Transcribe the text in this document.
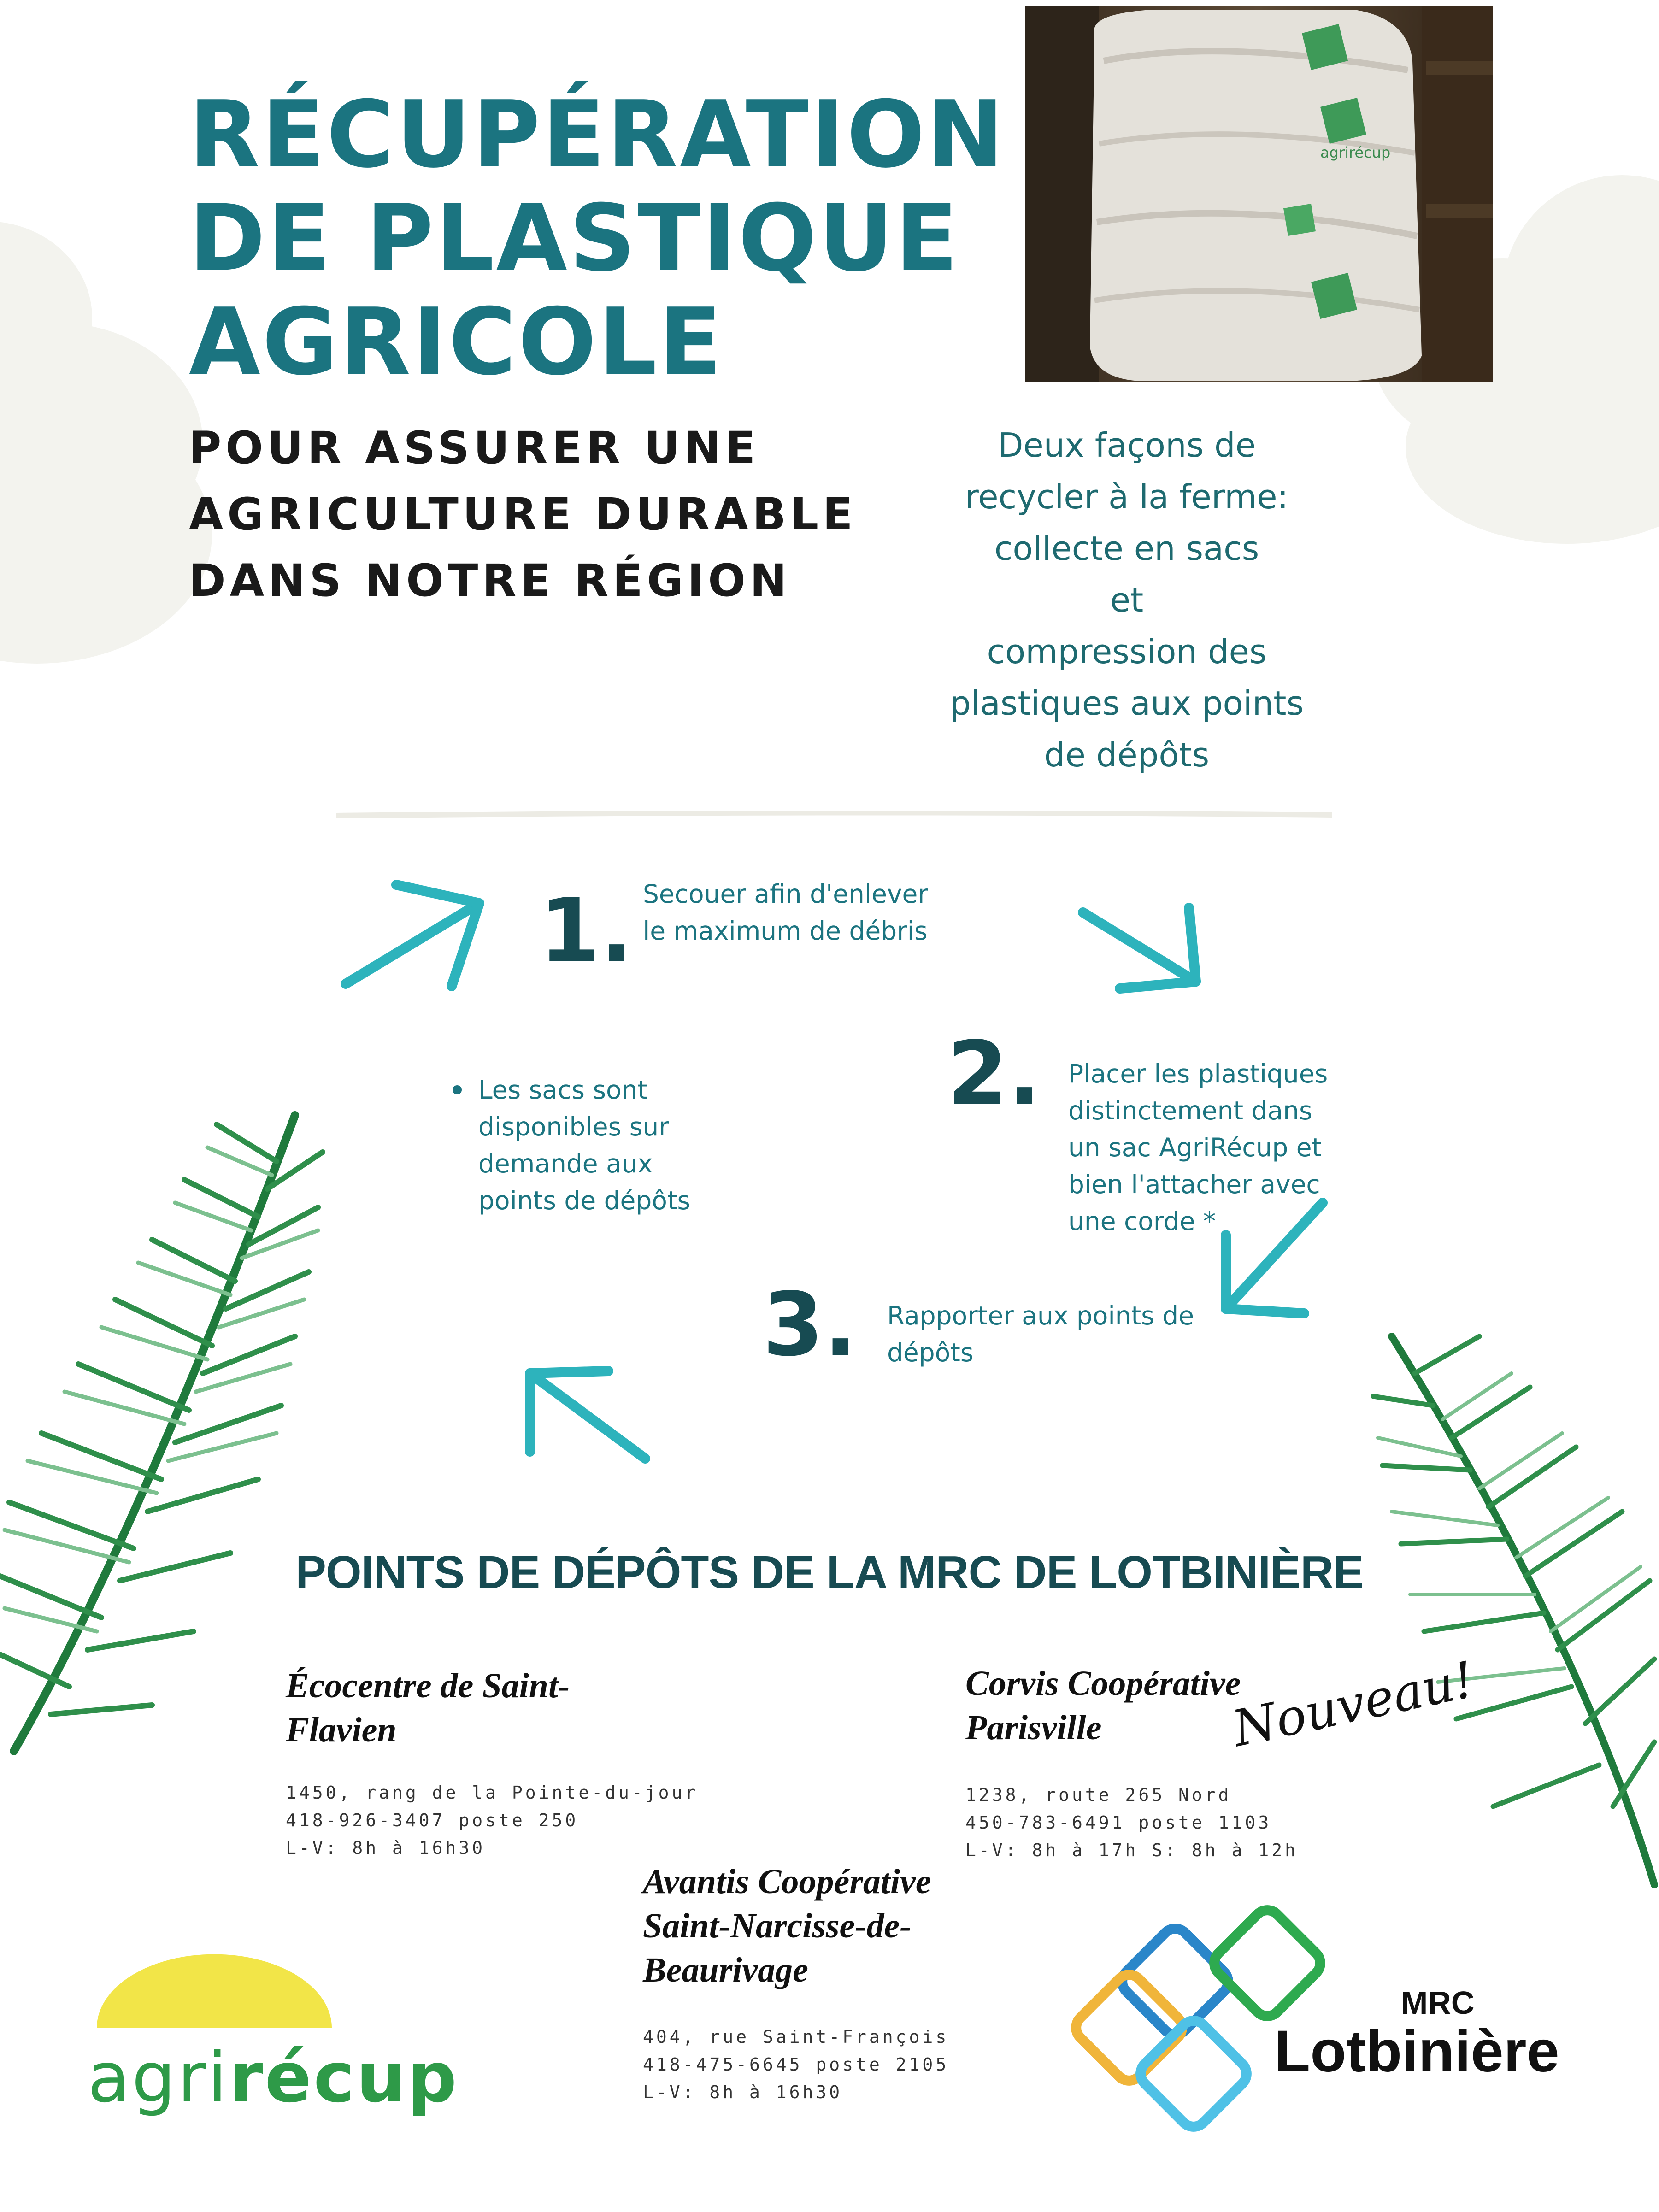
agrirécup
RÉCUPÉRATION
DE PLASTIQUE
AGRICOLE
POUR ASSURER UNE
AGRICULTURE DURABLE
DANS NOTRE RÉGION
Deux façons de
recycler à la ferme:
collecte en sacs
et
compression des
plastiques aux points
de dépôts
1. Secouer afin d'enlever
le maximum de débris
2. Placer les plastiques
distinctement dans
un sac AgriRécup et
bien l'attacher avec
une corde *
3. Rapporter aux points de
dépôts
Les sacs sont
disponibles sur
demande aux
points de dépôts
POINTS DE DÉPÔTS DE LA MRC DE LOTBINIÈRE
Écocentre de Saint-
Flavien
1450, rang de la Pointe-du-jour
418-926-3407 poste 250
L-V: 8h à 16h30
Corvis Coopérative
Parisville
1238, route 265 Nord
450-783-6491 poste 1103
L-V: 8h à 17h S: 8h à 12h
Nouveau!
Avantis Coopérative
Saint-Narcisse-de-
Beaurivage
404, rue Saint-François
418-475-6645 poste 2105
L-V: 8h à 16h30
agrirécup
MRC
Lotbinière
